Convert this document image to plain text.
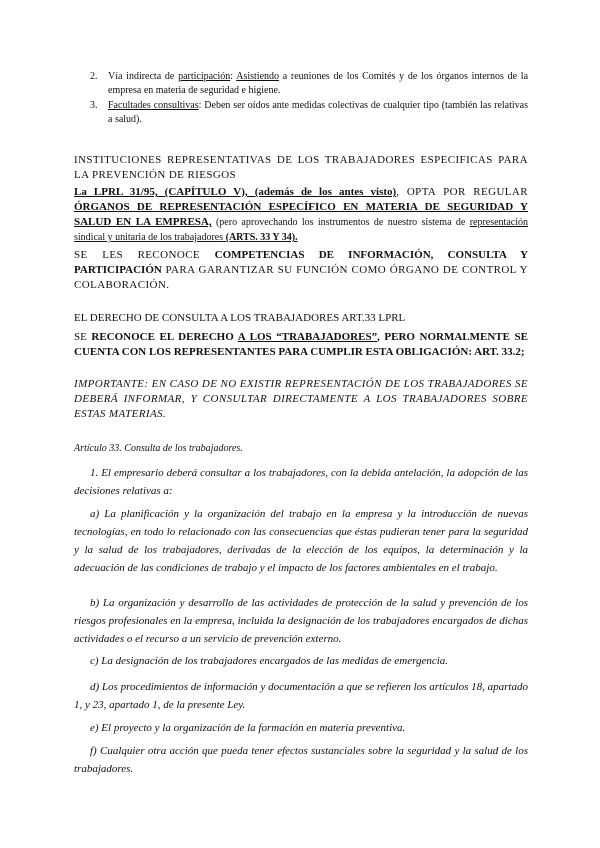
2. Vía indirecta de participación: Asistiendo a reuniones de los Comités y de los órganos internos de la empresa en materia de seguridad e higiene.
3. Facultades consultivas: Deben ser oídos ante medidas colectivas de cualquier tipo (también las relativas a salud).
INSTITUCIONES REPRESENTATIVAS DE LOS TRABAJADORES ESPECIFICAS PARA LA PREVENCIÓN DE RIESGOS
La LPRL 31/95, (CAPÍTULO V), (además de los antes visto), OPTA POR REGULAR ÓRGANOS DE REPRESENTACIÓN ESPECÍFICO EN MATERIA DE SEGURIDAD Y SALUD EN LA EMPRESA, (pero aprovechando los instrumentos de nuestro sistema de representación sindical y unitaria de los trabajadores (ARTS. 33 Y 34).
SE LES RECONOCE COMPETENCIAS DE INFORMACIÓN, CONSULTA Y PARTICIPACIÓN PARA GARANTIZAR SU FUNCIÓN COMO ÓRGANO DE CONTROL Y COLABORACIÓN.
EL DERECHO DE CONSULTA A LOS TRABAJADORES ART.33 LPRL
SE RECONOCE EL DERECHO A LOS “TRABAJADORES”, PERO NORMALMENTE SE CUENTA CON LOS REPRESENTANTES PARA CUMPLIR ESTA OBLIGACIÓN: ART. 33.2;
IMPORTANTE: EN CASO DE NO EXISTIR REPRESENTACIÓN DE LOS TRABAJADORES SE DEBERÁ INFORMAR, Y CONSULTAR DIRECTAMENTE A LOS TRABAJADORES SOBRE ESTAS MATERIAS.
Artículo 33. Consulta de los trabajadores.
1. El empresario deberá consultar a los trabajadores, con la debida antelación, la adopción de las decisiones relativas a:
a) La planificación y la organización del trabajo en la empresa y la introducción de nuevas tecnologías, en todo lo relacionado con las consecuencias que éstas pudieran tener para la seguridad y la salud de los trabajadores, derivadas de la elección de los equipos, la determinación y la adecuación de las condiciones de trabajo y el impacto de los factores ambientales en el trabajo.
b) La organización y desarrollo de las actividades de protección de la salud y prevención de los riesgos profesionales en la empresa, incluida la designación de los trabajadores encargados de dichas actividades o el recurso a un servicio de prevención externo.
c) La designación de los trabajadores encargados de las medidas de emergencia.
d) Los procedimientos de información y documentación a que se refieren los artículos 18, apartado 1, y 23, apartado 1, de la presente Ley.
e) El proyecto y la organización de la formación en materia preventiva.
f) Cualquier otra acción que pueda tener efectos sustanciales sobre la seguridad y la salud de los trabajadores.
